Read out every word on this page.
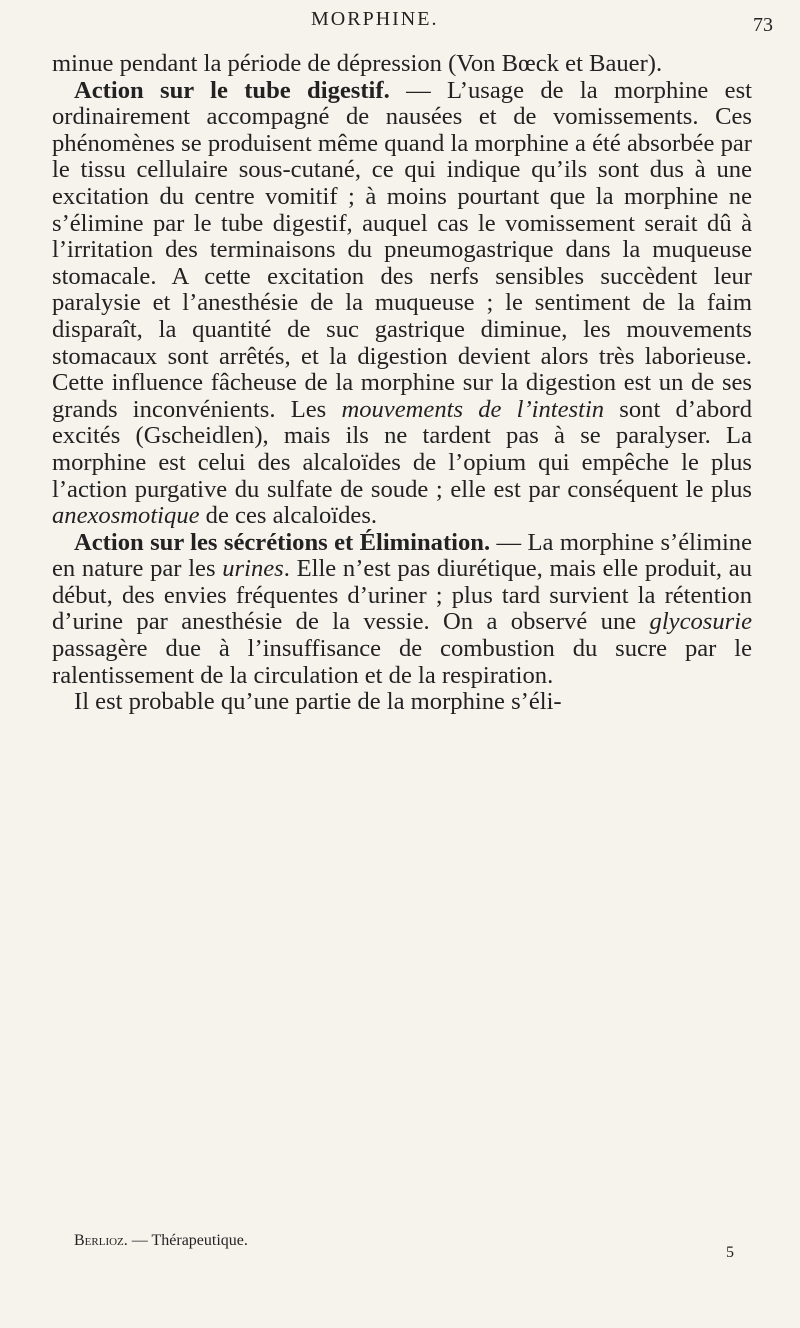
MORPHINE.	73

minue pendant la période de dépression (Von Bœck et Bauer).

Action sur le tube digestif. — L’usage de la morphine est ordinairement accompagné de nausées et de vomissements. Ces phénomènes se produisent même quand la morphine a été absorbée par le tissu cellulaire sous-cutané, ce qui indique qu’ils sont dus à une excitation du centre vomitif ; à moins pourtant que la morphine ne s’élimine par le tube digestif, auquel cas le vomissement serait dû à l’irritation des terminaisons du pneumogastrique dans la muqueuse stomacale. A cette excitation des nerfs sensibles succèdent leur paralysie et l’anesthésie de la muqueuse ; le sentiment de la faim disparaît, la quantité de suc gastrique diminue, les mouvements stomacaux sont arrêtés, et la digestion devient alors très laborieuse. Cette influence fâcheuse de la morphine sur la digestion est un de ses grands inconvénients. Les mouvements de l’intestin sont d’abord excités (Gscheidlen), mais ils ne tardent pas à se paralyser. La morphine est celui des alcaloïdes de l’opium qui empêche le plus l’action purgative du sulfate de soude ; elle est par conséquent le plus anexosmotique de ces alcaloïdes.

Action sur les sécrétions et Élimination. — La morphine s’élimine en nature par les urines. Elle n’est pas diurétique, mais elle produit, au début, des envies fréquentes d’uriner ; plus tard survient la rétention d’urine par anesthésie de la vessie. On a observé une glycosurie passagère due à l’insuffisance de combustion du sucre par le ralentissement de la circulation et de la respiration.

Il est probable qu’une partie de la morphine s’éli-

Berlioz. — Thérapeutique.
5
